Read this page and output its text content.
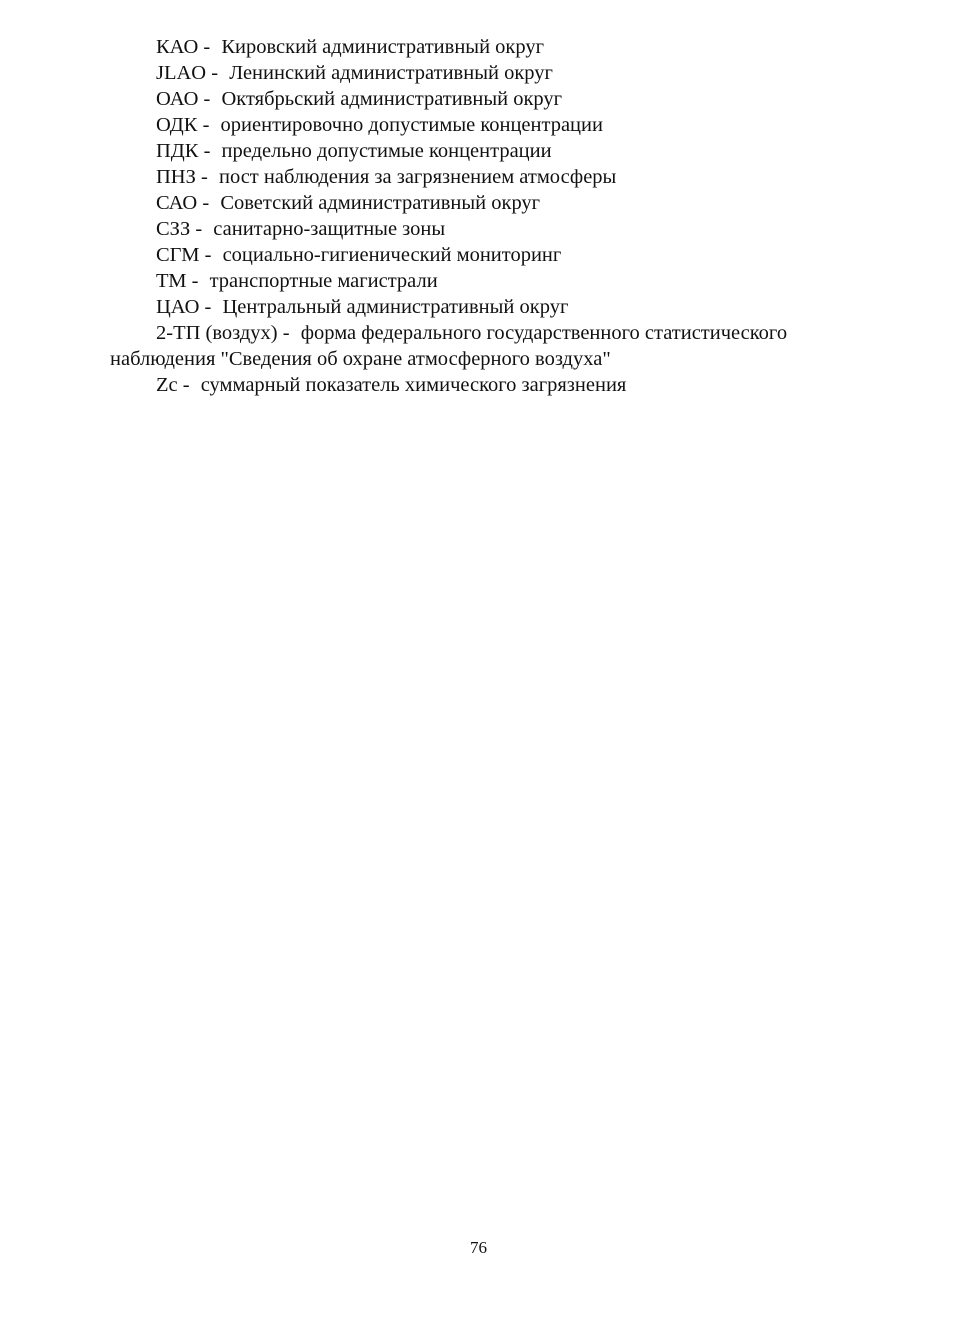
КАО - Кировский административный округ
JLAO - Ленинский административный округ
ОАО - Октябрьский административный округ
ОДК - ориентировочно допустимые концентрации
ПДК - предельно допустимые концентрации
ПНЗ - пост наблюдения за загрязнением атмосферы
САО - Советский административный округ
СЗЗ - санитарно-защитные зоны
СГМ - социально-гигиенический мониторинг
ТМ - транспортные магистрали
ЦАО - Центральный административный округ
2-ТП (воздух) - форма федерального государственного статистического наблюдения "Сведения об охране атмосферного воздуха"
Zc - суммарный показатель химического загрязнения
76
